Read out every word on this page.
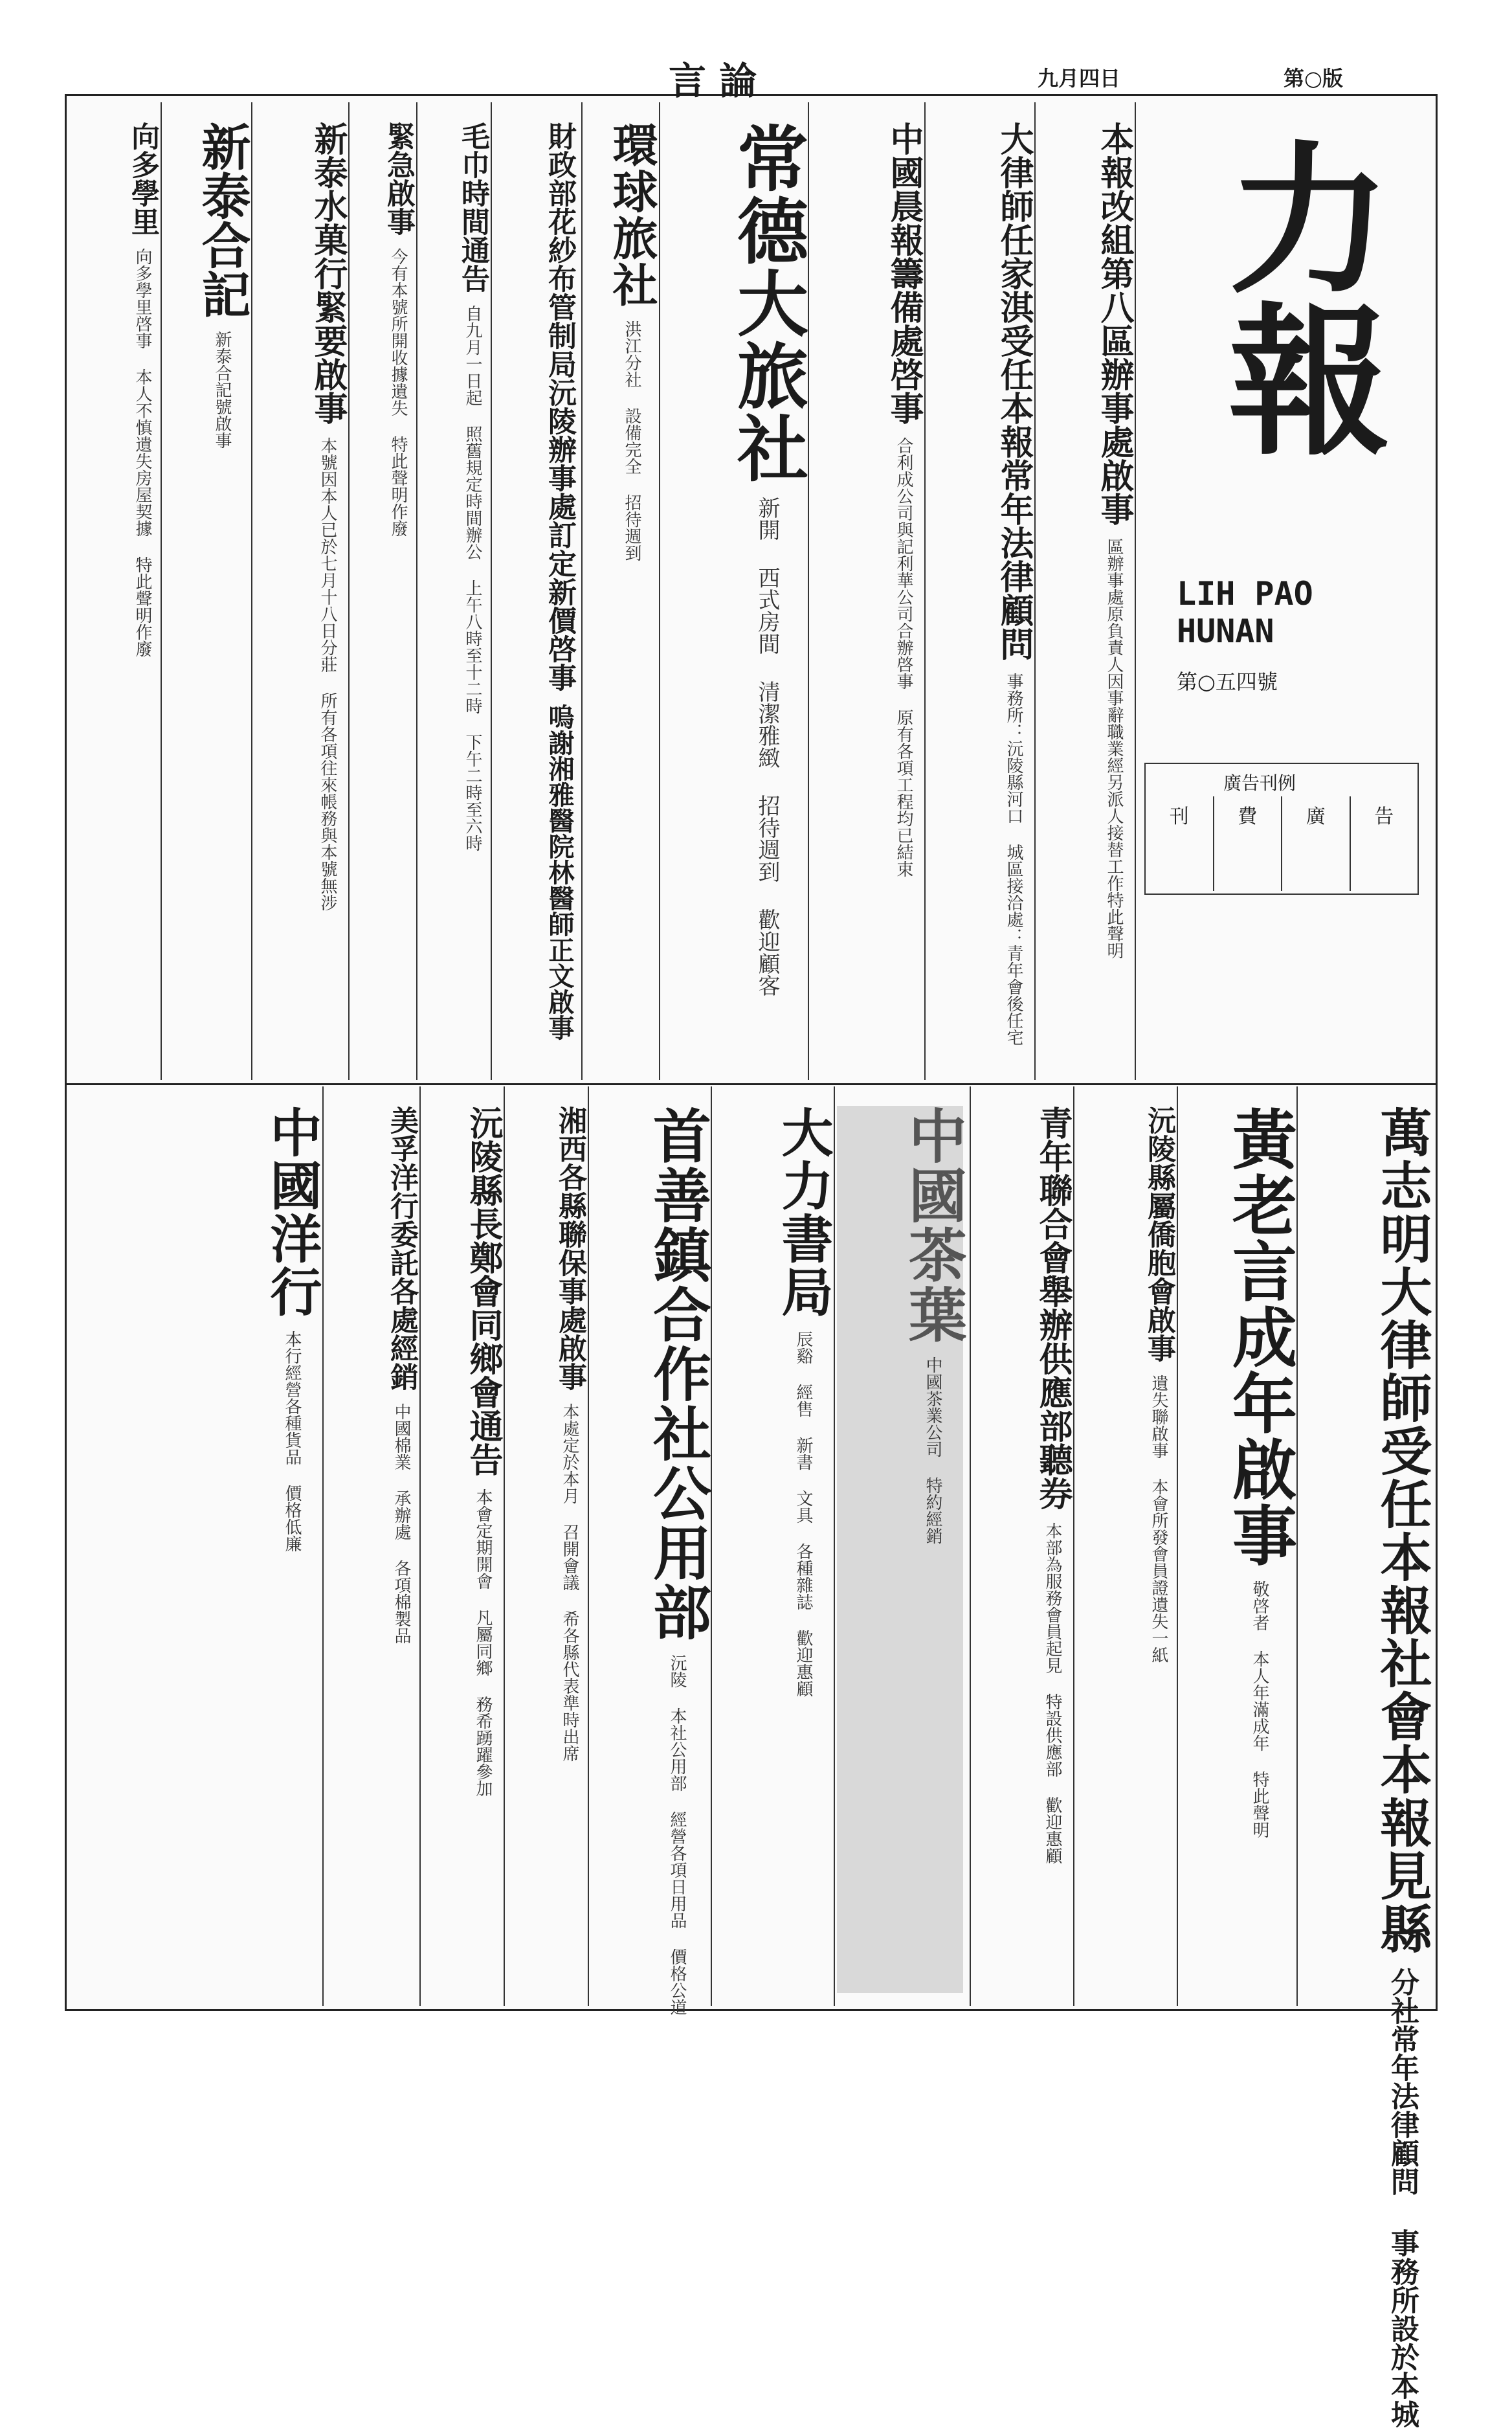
言 論	九月四日	第○版
力報
LIH PAO
HUNAN
第○五四號
廣告刊例
刊	費	廣	告
本報改組第八區辦事處啟事 區辦事處原負責人因事辭職業經另派人接替工作特此聲明
大律師任家淇受任本報常年法律顧問 事務所：沅陵縣河口 城區接洽處：青年會後任宅
中國晨報籌備處啓事 合利成公司與記利華公司合辦啓事 原有各項工程均已結束
常德大旅社 新開 西式房間 清潔雅緻 招待週到 歡迎顧客
環球旅社 洪江分社 設備完全 招待週到
財政部花紗布管制局沅陵辦事處訂定新價啓事 嗚謝湘雅醫院林醫師正文啟事
毛巾時間通告 自九月一日起 照舊規定時間辦公 上午八時至十二時 下午二時至六時
緊急啟事 今有本號所開收據遺失 特此聲明作廢
新泰水菓行緊要啟事 本號因本人已於七月十八日分莊 所有各項往來帳務與本號無涉
新泰合記 新泰合記號啟事
向多學里 向多學里啓事 本人不慎遺失房屋契據 特此聲明作廢
萬志明大律師受任本報社會本報見縣 分社常年法律顧問 事務所設於本城
黃老言成年啟事 敬啓者 本人年滿成年 特此聲明
沅陵縣屬僑胞會啟事 遺失聯啟事 本會所發會員證遺失一紙
青年聯合會舉辦供應部聽券 本部為服務會員起見 特設供應部 歡迎惠顧
中國茶葉 中國茶業公司 特約經銷
大力書局 辰谿 經售 新書 文具 各種雜誌 歡迎惠顧
首善鎮合作社公用部 沅陵 本社公用部 經營各項日用品 價格公道
湘西各縣聯保事處啟事 本處定於本月 召開會議 希各縣代表準時出席
沅陵縣長鄭會同鄉會通告 本會定期開會 凡屬同鄉 務希踴躍參加
美孚洋行委託各處經銷 中國棉業 承辦處 各項棉製品
中國洋行 本行經營各種貨品 價格低廉
